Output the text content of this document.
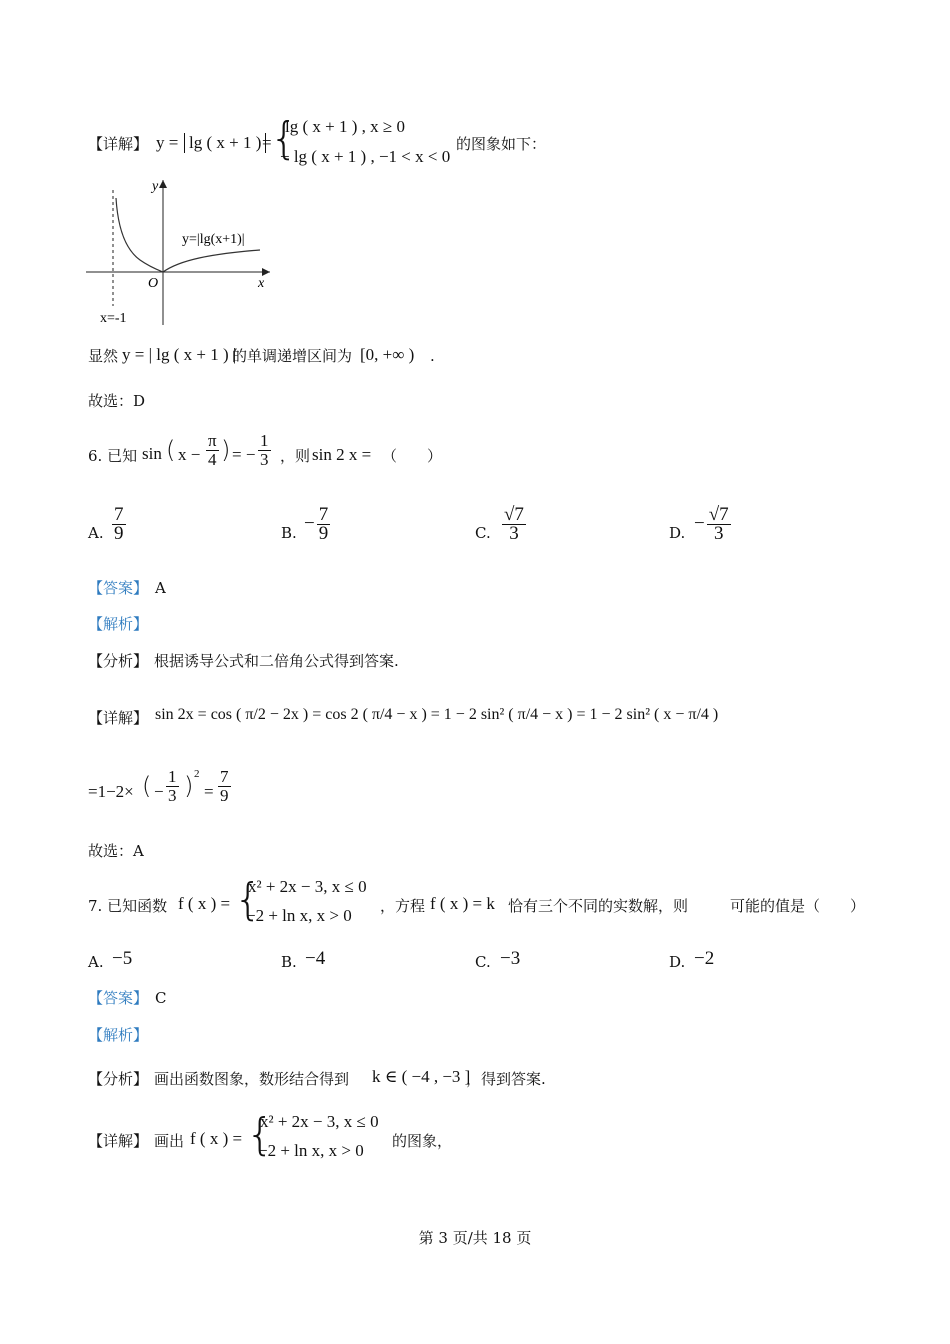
【详解】 y = lg ( x + 1 ) =
{
lg ( x + 1 ) , x ≥ 0
− lg ( x + 1 ) , −1 < x < 0
的图象如下：
y
x
O
y=|lg(x+1)|
x=-1
显然 y = | lg ( x + 1 ) |
的单调递增区间为 [0, +∞ ) .
故选：D
6. 已知 sin ( $x - \frac{\pi}{4}$ ) = − $\frac{1}{3}$ ，则 sin 2 x = （　　）
A. $\frac{7}{9}$	B. − $\frac{7}{9}$	C. $\frac{√7}{3}$	D. − $\frac{√7}{3}$
【答案】 A
【解析】
【分析】 根据诱导公式和二倍角公式得到答案.
【详解】 sin 2x = cos ( π/2 − 2x ) = cos 2 ( π/4 − x ) = 1 − 2 sin² ( π/4 − x ) = 1 − 2 sin² ( x − π/4 )
=1−2× ( − $\frac{1}{3}$ ) 2
= $\frac{7}{9}$
故选：A
7. 已知函数 f ( x ) = {
x² + 2x − 3, x ≤ 0
−2 + ln x, x > 0 ，方程 f ( x ) = k 恰有三个不同的实数解，则	可能的值是（　　）
A. −5	B. −4	C. −3	D. −2
【答案】 C
【解析】
【分析】 画出函数图象，数形结合得到 k ∈ ( −4 , −3 ]
，得到答案.
【详解】 画出 f ( x ) = {
x² + 2x − 3, x ≤ 0
−2 + ln x, x > 0 的图象，
第 3 页/共 18 页
